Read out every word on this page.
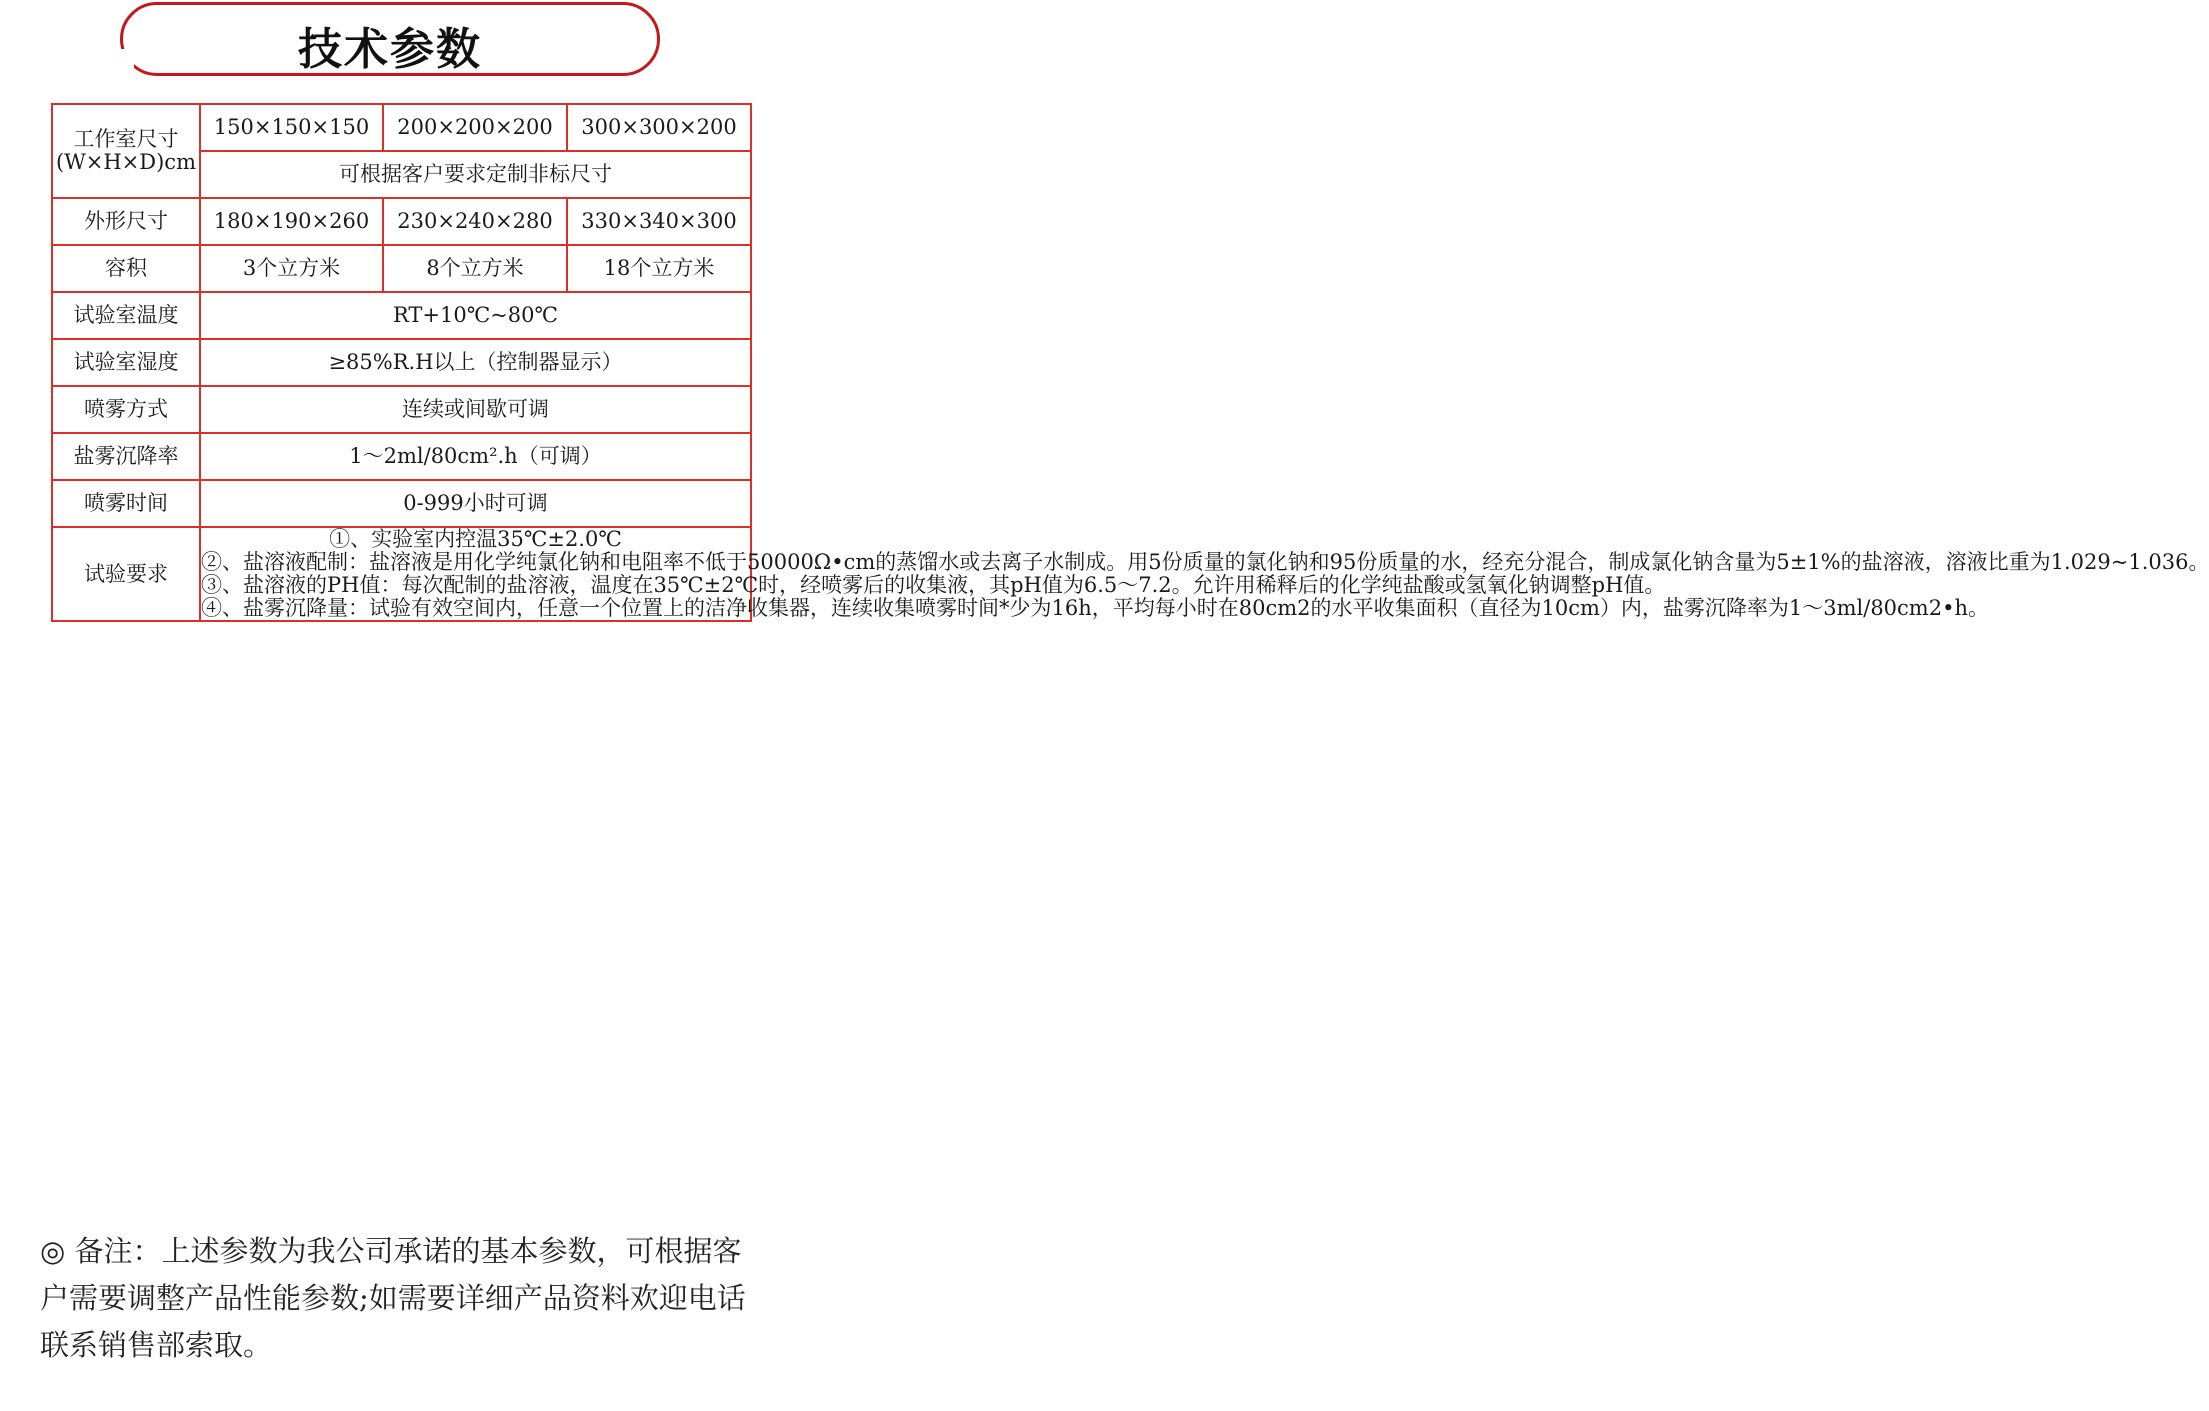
技术参数
工作室尺寸
(W×H×D)cm	150×150×150	200×200×200	300×300×200
	可根据客户要求定制非标尺寸		
外形尺寸	180×190×260	230×240×280	330×340×300
容积	3个立方米	8个立方米	18个立方米
试验室温度	RT+10℃~80℃		
试验室湿度	≥85%R.H以上（控制器显示）		
喷雾方式	连续或间歇可调		
盐雾沉降率	1～2ml/80cm².h（可调）		
喷雾时间	0-999小时可调		
试验要求	①、实验室内控温35℃±2.0℃

②、盐溶液配制：盐溶液是用化学纯氯化钠和电阻率不低于50000Ω•cm的蒸馏水或去离子水制成。用5份质量的氯化钠和95份质量的水，经充分混合，制成氯化钠含量为5±1%的盐溶液，溶液比重为1.029~1.036。

③、盐溶液的PH值：每次配制的盐溶液，温度在35℃±2℃时，经喷雾后的收集液，其pH值为6.5～7.2。允许用稀释后的化学纯盐酸或氢氧化钠调整pH值。

④、盐雾沉降量：试验有效空间内，任意一个位置上的洁净收集器，连续收集喷雾时间*少为16h，平均每小时在80cm2的水平收集面积（直径为10cm）内，盐雾沉降率为1～3ml/80cm2•h。		

◎ 备注：上述参数为我公司承诺的基本参数，可根据客户需要调整产品性能参数;如需要详细产品资料欢迎电话联系销售部索取。
